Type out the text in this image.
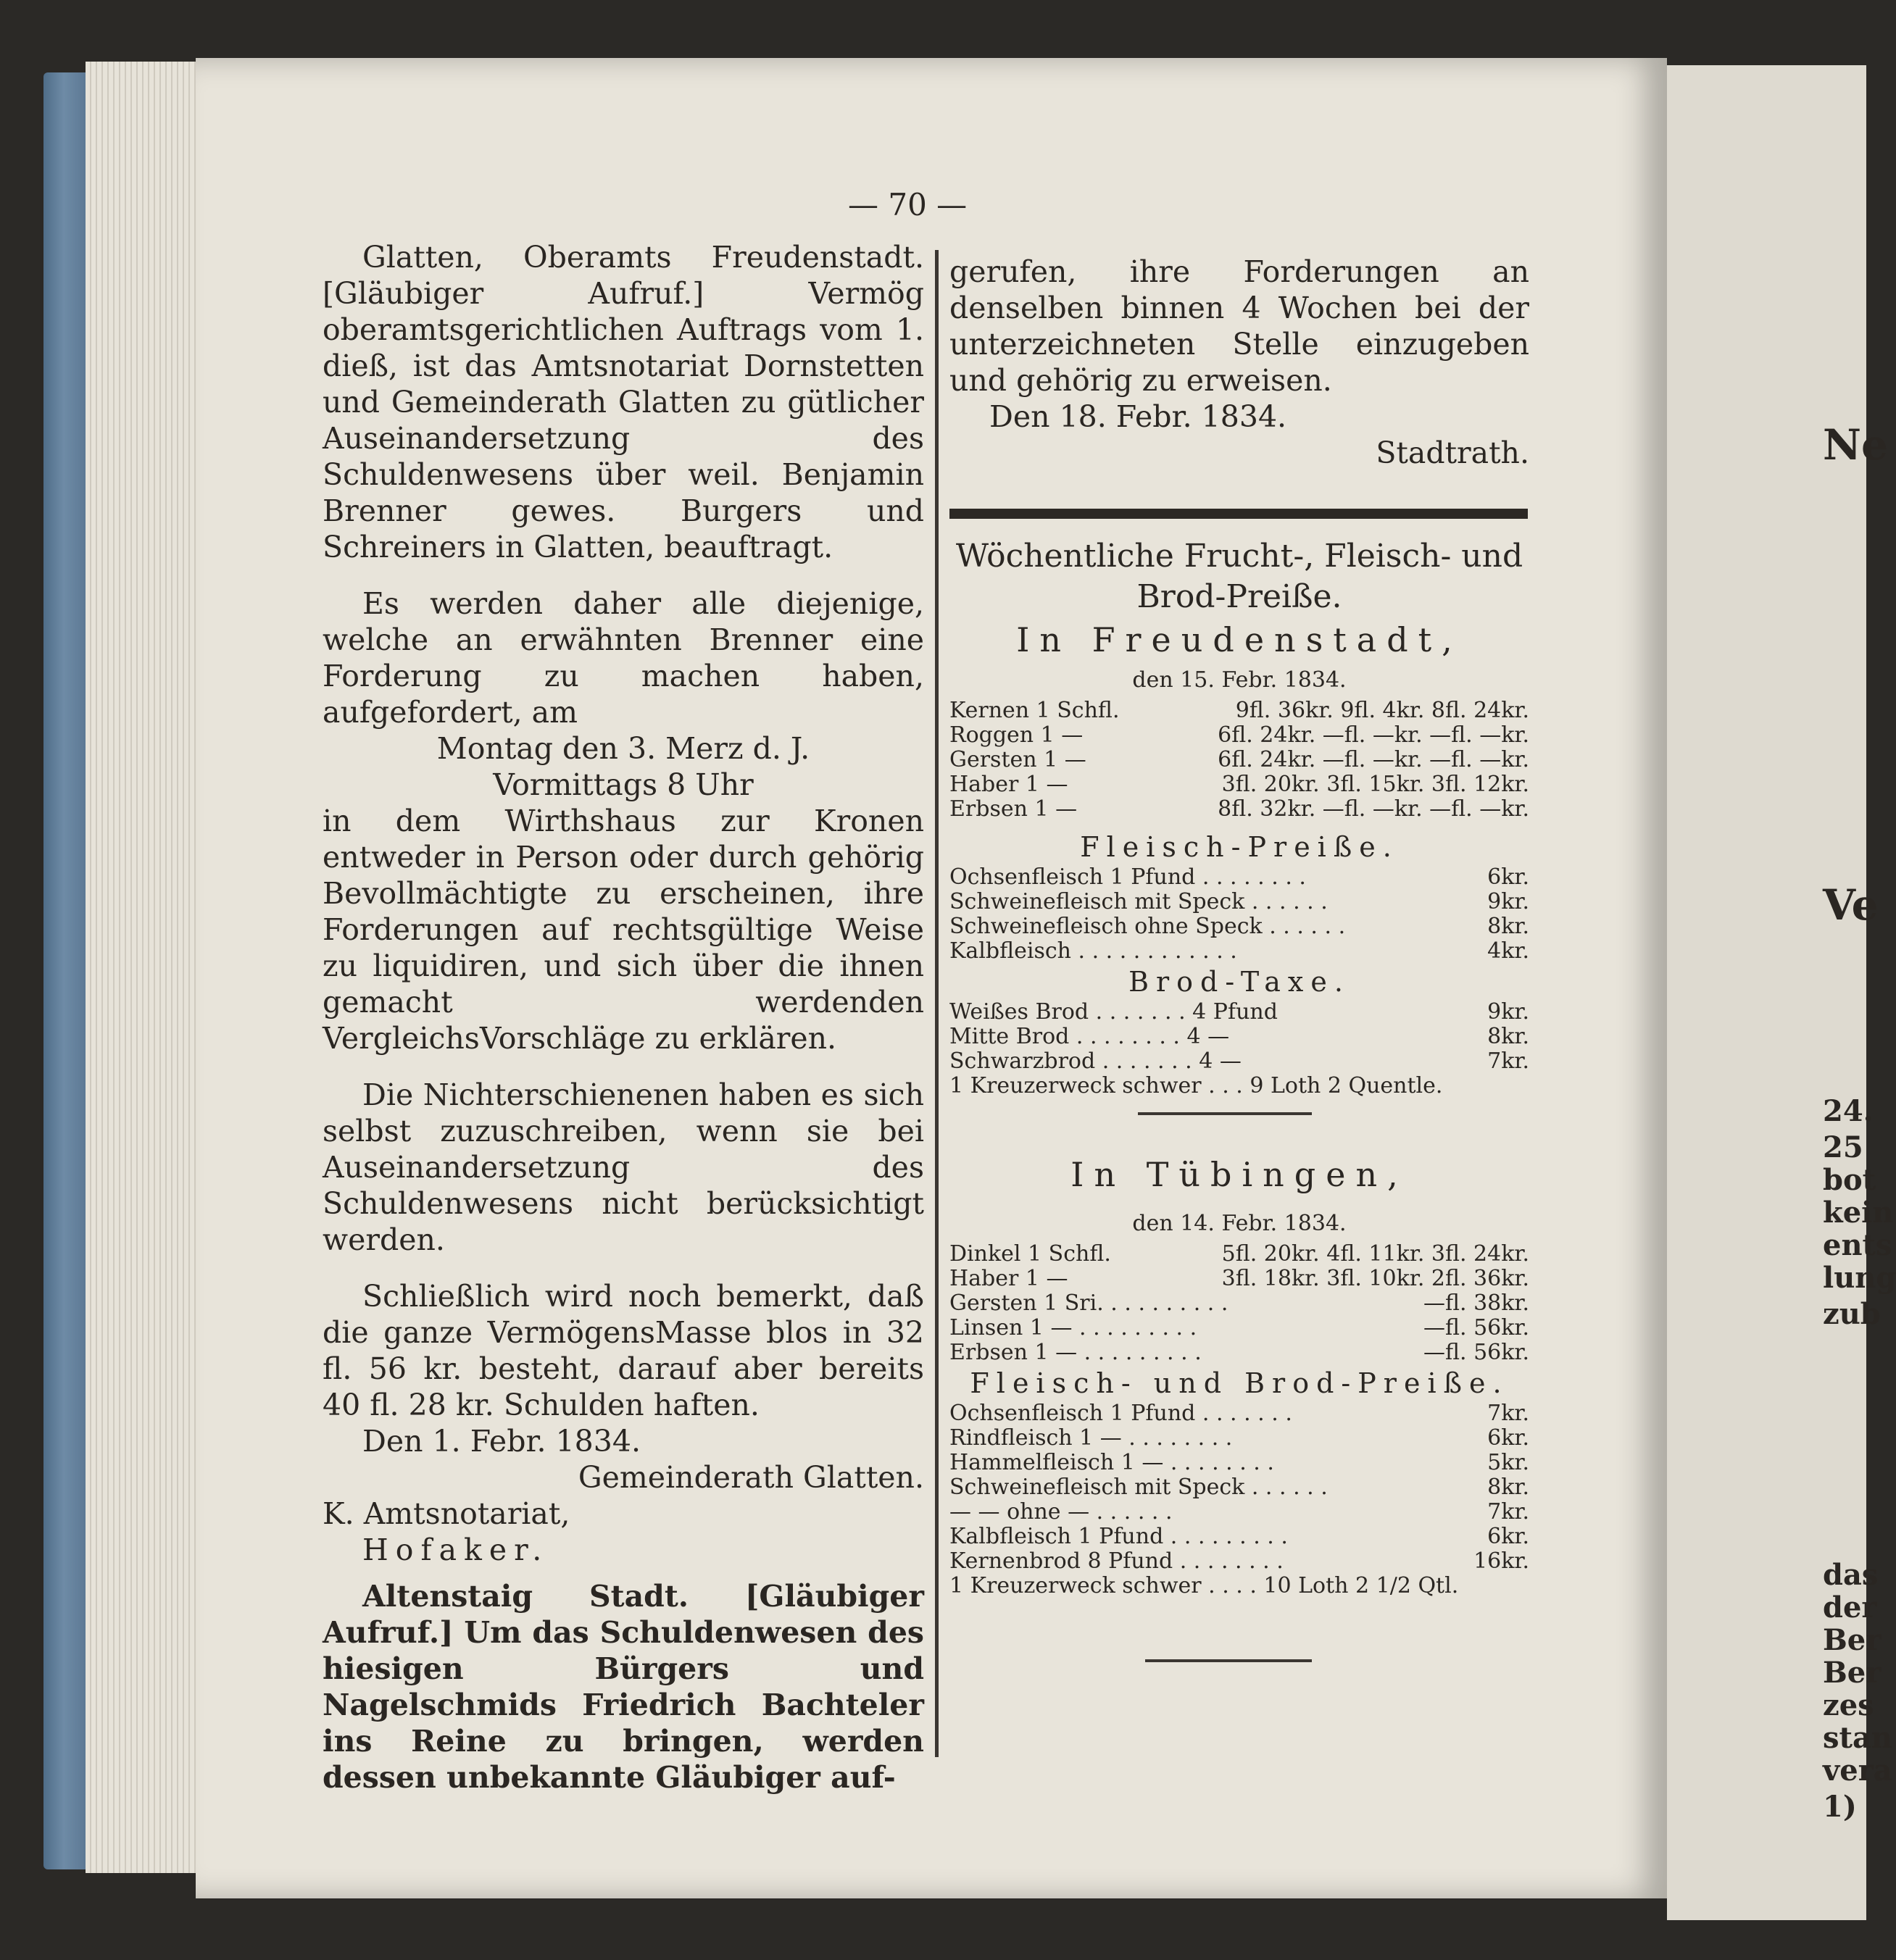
Ne
Ve
24.
25
bot
kein
ents
lung
zub
das
der
Ber
Ber
zes
stan
vera
1)
— 70 —

Glatten, Oberamts Freudenstadt. [Gläubiger Aufruf.] Vermög oberamtsgerichtlichen Auftrags vom 1. dieß, ist das Amtsnotariat Dornstetten und Gemeinderath Glatten zu gütlicher Auseinandersetzung des Schuldenwesens über weil. Benjamin Brenner gewes. Burgers und Schreiners in Glatten, beauftragt.

Es werden daher alle diejenige, welche an erwähnten Brenner eine Forderung zu machen haben, aufgefordert, am

Montag den 3. Merz d. J.

Vormittags 8 Uhr

in dem Wirthshaus zur Kronen entweder in Person oder durch gehörig Bevollmächtigte zu erscheinen, ihre Forderungen auf rechtsgültige Weise zu liquidiren, und sich über die ihnen gemacht werdenden VergleichsVorschläge zu erklären.

Die Nichterschienenen haben es sich selbst zuzuschreiben, wenn sie bei Auseinandersetzung des Schuldenwesens nicht berücksichtigt werden.

Schließlich wird noch bemerkt, daß die ganze VermögensMasse blos in 32 fl. 56 kr. besteht, darauf aber bereits 40 fl. 28 kr. Schulden haften.

Den 1. Febr. 1834.

Gemeinderath Glatten.

K. Amtsnotariat,

Hofaker.

Altenstaig Stadt. [Gläubiger Aufruf.] Um das Schuldenwesen des hiesigen Bürgers und Nagelschmids Friedrich Bachteler ins Reine zu bringen, werden dessen unbekannte Gläubiger auf-

gerufen, ihre Forderungen an denselben binnen 4 Wochen bei der unterzeichneten Stelle einzugeben und gehörig zu erweisen.

Den 18. Febr. 1834.

Stadtrath.

Wöchentliche Frucht-, Fleisch- und Brod-Preiße.

In Freudenstadt,
den 15. Febr. 1834.
Kernen 1 Schfl.	9fl. 36kr. 9fl. 4kr. 8fl. 24kr.
Roggen 1 —	6fl. 24kr. —fl. —kr. —fl. —kr.
Gersten 1 —	6fl. 24kr. —fl. —kr. —fl. —kr.
Haber 1 —	3fl. 20kr. 3fl. 15kr. 3fl. 12kr.
Erbsen 1 —	8fl. 32kr. —fl. —kr. —fl. —kr.
Fleisch-Preiße.
Ochsenfleisch 1 Pfund . . . . . . . .	6kr.
Schweinefleisch mit Speck . . . . . .	9kr.
Schweinefleisch ohne Speck . . . . . .	8kr.
Kalbfleisch . . . . . . . . . . . .	4kr.
Brod-Taxe.
Weißes Brod . . . . . . . 4 Pfund	9kr.
Mitte Brod . . . . . . . . 4 —	8kr.
Schwarzbrod . . . . . . . 4 —	7kr.
1 Kreuzerweck schwer . . . 9 Loth 2 Quentle.
In Tübingen,
den 14. Febr. 1834.
Dinkel 1 Schfl.	5fl. 20kr. 4fl. 11kr. 3fl. 24kr.
Haber 1 —	3fl. 18kr. 3fl. 10kr. 2fl. 36kr.
Gersten 1 Sri. . . . . . . . . .	—fl. 38kr.
Linsen 1 — . . . . . . . . .	—fl. 56kr.
Erbsen 1 — . . . . . . . . .	—fl. 56kr.
Fleisch- und Brod-Preiße.
Ochsenfleisch 1 Pfund . . . . . . .	7kr.
Rindfleisch 1 — . . . . . . . .	6kr.
Hammelfleisch 1 — . . . . . . . .	5kr.
Schweinefleisch mit Speck . . . . . .	8kr.
— — ohne — . . . . . .	7kr.
Kalbfleisch 1 Pfund . . . . . . . . .	6kr.
Kernenbrod 8 Pfund . . . . . . . .	16kr.
1 Kreuzerweck schwer . . . . 10 Loth 2 1/2 Qtl.
